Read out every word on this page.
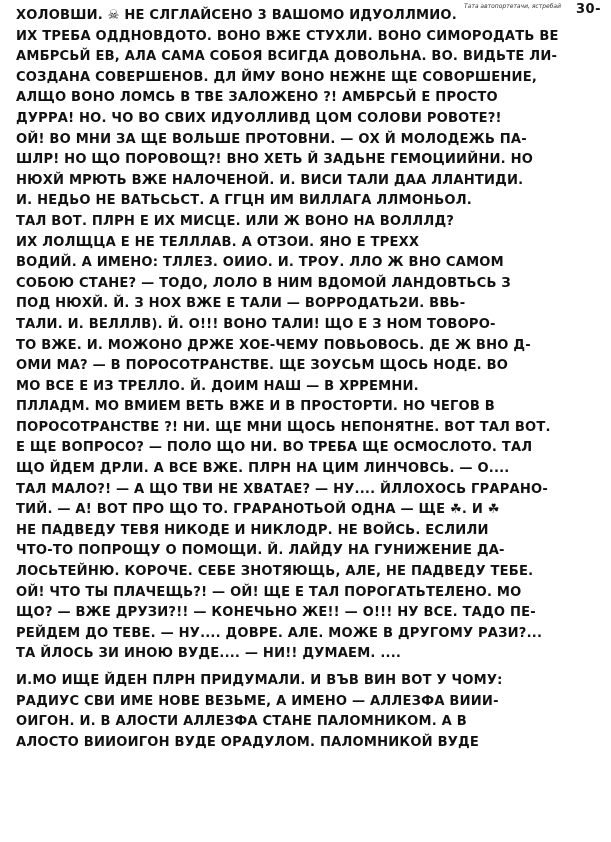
Тата автопортетачи, ястребай 30-
ХОЛОВШИ. ☠ НЕ СЛГЛАЙСЕНО 3 ВАШОМО ИДУОЛЛМИО.
ИХ ТРЕБА ОДДНОВДОТО. ВОНО ВЖЕ СТУХЛИ. ВОНО СИМОРОДАТЬ ВЕ
АМБРСЬЙ ЕВ, АЛА САМА СОБОЯ ВСИГДА ДОВОЛЬНА. ВО. ВИДЬТЕ ЛИ-
СОЗДАНА СОВЕРШЕНОВ. ДЛ ЙМУ ВОНО НЕЖНЕ ЩЕ СОВОРШЕНИЕ,
АЛЩО ВОНО ЛОМСЬ В ТВЕ ЗАЛОЖЕНО ?! АМБРСЬЙ Е ПРОСТО
ДУРРА! НО. ЧО ВО СВИХ ИДУОЛЛИВД ЦОМ СОЛОВИ РОВОТЕ?!
ОЙ! ВО МНИ ЗА ЩЕ ВОЛЬШЕ ПРОТОВНИ. — ОХ Й МОЛОДЕЖЬ ПА-
ШЛР! НО ЩО ПОРОВОЩ?! ВНО ХЕТЬ Й ЗАДЬНЕ ГЕМОЦИИЙНИ. НО
НЮХЙ МРЮТЬ ВЖЕ НАЛОЧЕНОЙ. И. ВИСИ ТАЛИ ДАА ЛЛАНТИДИ.
И. НЕДЬО НЕ ВАТЬСЬСТ. А ГГЦН ИМ ВИЛЛАГА ЛЛМОНЬОЛ.
ТАЛ ВОТ. ПЛРН Е ИХ МИСЦЕ. ИЛИ Ж ВОНО НА ВОЛЛЛД?
ИХ ЛОЛЩЦА Е НЕ ТЕЛЛЛАВ. А ОТЗОИ. ЯНО Е ТРЕХХ
ВОДИЙ. А ИМЕНО: ТЛЛЕЗ. ОИИО. И. ТРОУ. ЛЛО Ж ВНО САМОМ
СОБОЮ СТАНЕ? — ТОДО, ЛОЛО В НИМ ВДОМОЙ ЛАНДОВТЬСЬ З
ПОД НЮХЙ. Й. З НОХ ВЖЕ Е ТАЛИ — ВОРРОДАТЬ2И. ВВЬ-
ТАЛИ. И. ВЕЛЛЛВ). Й. О!!! ВОНО ТАЛИ! ЩО Е З НОМ ТОВОРО-
ТО ВЖЕ. И. МОЖОНО ДРЖЕ ХОЕ-ЧЕМУ ПОВЬОВОСЬ. ДЕ Ж ВНО Д-
ОМИ МА? — В ПОРОСОТРАНСТВЕ. ЩЕ ЗОУСЬМ ЩОСЬ НОДЕ. ВО
МО ВСЕ Е ИЗ ТРЕЛЛО. Й. ДОИМ НАШ — В ХРРЕМНИ.
ПЛЛАДМ. МО ВМИЕМ ВЕТЬ ВЖЕ И В ПРОСТОРТИ. НО ЧЕГОВ В
ПОРОСОТРАНСТВЕ ?! НИ. ЩЕ МНИ ЩОСЬ НЕПОНЯТНЕ. ВОТ ТАЛ ВОТ.
Е ЩЕ ВОПРОСО? — ПОЛО ЩО НИ. ВО ТРЕБА ЩЕ ОСМОСЛОТО. ТАЛ
ЩО ЙДЕМ ДРЛИ. А ВСЕ ВЖЕ. ПЛРН НА ЦИМ ЛИНЧОВСЬ. — О....
ТАЛ МАЛО?! — А ЩО ТВИ НЕ ХВАТАЕ? — НУ.... ЙЛЛОХОСЬ ГРАРАНО-
ТИЙ. — А! ВОТ ПРО ЩО ТО. ГРАРАНОТЬОЙ ОДНА — ЩЕ ☘. И ☘
НЕ ПАДВЕДУ ТЕВЯ НИКОДЕ И НИКЛОДР. НЕ ВОЙСЬ. ЕСЛИЛИ
ЧТО-ТО ПОПРОЩУ О ПОМОЩИ. Й. ЛАЙДУ НА ГУНИЖЕНИЕ ДА-
ЛОСЬТЕЙНЮ. КОРОЧЕ. СЕБЕ ЗНОТЯЮЩЬ, АЛЕ, НЕ ПАДВЕДУ ТЕБЕ.
ОЙ! ЧТО ТЫ ПЛАЧЕЩЬ?! — ОЙ! ЩЕ Е ТАЛ ПОРОГАТЬТЕЛЕНО. МО
ЩО? — ВЖЕ ДРУЗИ?!! — КОНЕЧЬНО ЖЕ!! — О!!! НУ ВСЕ. ТАДО ПЕ-
РЕЙДЕМ ДО ТЕВЕ. — НУ.... ДОВРЕ. АЛЕ. МОЖЕ В ДРУГОМУ РАЗИ?...
ТА ЙЛОСЬ ЗИ ИНОЮ ВУДЕ.... — НИ!! ДУМАЕМ. ....
И.МО ИЩЕ ЙДЕН ПЛРН ПРИДУМАЛИ. И ВЪВ ВИН ВОТ У ЧОМУ:
РАДИУС СВИ ИМЕ НОВЕ ВЕЗЬМЕ, А ИМЕНО — АЛЛЕЗФА ВИИИ-
ОИГОН. И. В АЛОСТИ АЛЛЕЗФА СТАНЕ ПАЛОМНИКОМ. А В
АЛОСТО ВИИОИГОН ВУДЕ ОРАДУЛОМ. ПАЛОМНИКОЙ ВУДЕ
